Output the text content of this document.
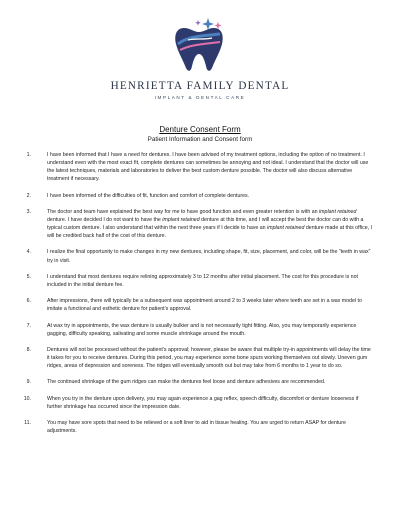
HENRIETTA FAMILY DENTAL
IMPLANT & DENTAL CARE
Denture Consent Form
Patient Information and Consent form
1.	I have been informed that I have a need for dentures. I have been advised of my treatment options, including the option of no treatment. I understand even with the most exact fit, complete dentures can sometimes be annoying and not ideal. I understand that the doctor will use the latest techniques, materials and laboratories to deliver the best custom denture possible. The doctor will also discuss alternative treatment if necessary.
2.	I have been informed of the difficulties of fit, function and comfort of complete dentures.
3.	The doctor and team have explained the best way for me to have good function and even greater retention is with an implant retained denture. I have decided I do not want to have the implant retained denture at this time, and I will accept the best the doctor can do with a typical custom denture. I also understand that within the next three years if I decide to have an implant retained denture made at this office, I will be credited back half of the cost of this denture.
4.	I realize the final opportunity to make changes in my new dentures, including shape, fit, size, placement, and color, will be the “teeth in wax” try in visit.
5.	I understand that most dentures require relining approximately 3 to 12 months after initial placement. The cost for this procedure is not included in the initial denture fee.
6.	After impressions, there will typically be a subsequent wax appointment around 2 to 3 weeks later where teeth are set in a wax model to imitate a functional and esthetic denture for patient’s approval.
7.	At wax try in appointments, the wax denture is usually bulkier and is not necessarily tight fitting. Also, you may temporarily experience gagging, difficulty speaking, salivating and some muscle shrinkage around the mouth.
8.	Dentures will not be processed without the patient’s approval; however, please be aware that multiple try-in appointments will delay the time it takes for you to receive dentures. During this period, you may experience some bone spurs working themselves out slowly. Uneven gum ridges, areas of depression and soreness. The ridges will eventually smooth out but may take from 6 months to 1 year to do so.
9.	The continued shrinkage of the gum ridges can make the dentures feel loose and denture adhesives are recommended.
10.	When you try in the denture upon delivery, you may again experience a gag reflex, speech difficulty, discomfort or denture looseness if further shrinkage has occurred since the impression date.
11.	You may have sore spots that need to be relieved or a soft liner to aid in tissue healing. You are urged to return ASAP for denture adjustments.
